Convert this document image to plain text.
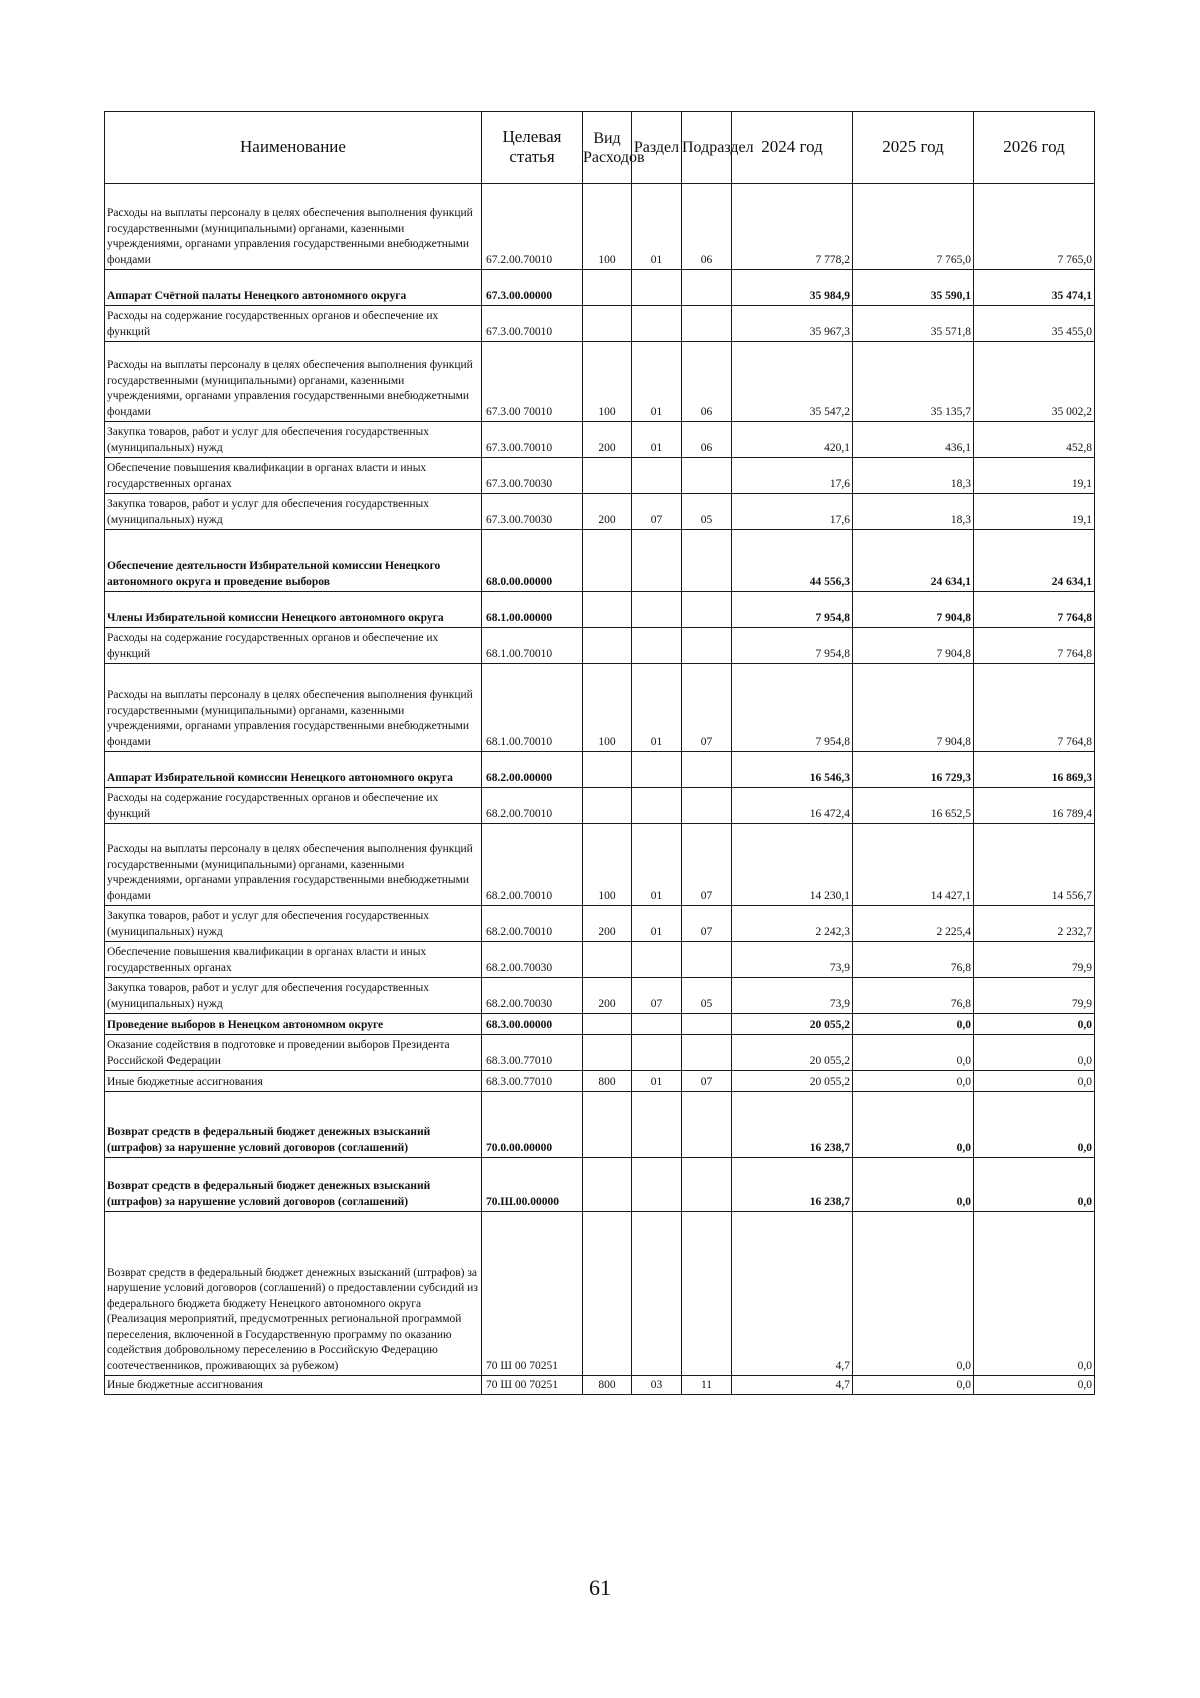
Наименование	Целевая статья	Вид Расходов	Раздел	Подраздел	2024 год	2025 год	2026 год
Расходы на выплаты персоналу в целях обеспечения выполнения функций государственными (муниципальными) органами, казенными учреждениями, органами управления государственными внебюджетными фондами	67.2.00.70010	100	01	06	7 778,2	7 765,0	7 765,0
Аппарат Счётной палаты Ненецкого автономного округа	67.3.00.00000				35 984,9	35 590,1	35 474,1
Расходы на содержание государственных органов и обеспечение их функций	67.3.00.70010				35 967,3	35 571,8	35 455,0
Расходы на выплаты персоналу в целях обеспечения выполнения функций государственными (муниципальными) органами, казенными учреждениями, органами управления государственными внебюджетными фондами	67.3.00 70010	100	01	06	35 547,2	35 135,7	35 002,2
Закупка товаров, работ и услуг для обеспечения государственных (муниципальных) нужд	67.3.00.70010	200	01	06	420,1	436,1	452,8
Обеспечение повышения квалификации в органах власти и иных государственных органах	67.3.00.70030				17,6	18,3	19,1
Закупка товаров, работ и услуг для обеспечения государственных (муниципальных) нужд	67.3.00.70030	200	07	05	17,6	18,3	19,1
Обеспечение деятельности Избирательной комиссии Ненецкого автономного округа и проведение выборов	68.0.00.00000				44 556,3	24 634,1	24 634,1
Члены Избирательной комиссии Ненецкого автономного округа	68.1.00.00000				7 954,8	7 904,8	7 764,8
Расходы на содержание государственных органов и обеспечение их функций	68.1.00.70010				7 954,8	7 904,8	7 764,8
Расходы на выплаты персоналу в целях обеспечения выполнения функций государственными (муниципальными) органами, казенными учреждениями, органами управления государственными внебюджетными фондами	68.1.00.70010	100	01	07	7 954,8	7 904,8	7 764,8
Аппарат Избирательной комиссии Ненецкого автономного округа	68.2.00.00000				16 546,3	16 729,3	16 869,3
Расходы на содержание государственных органов и обеспечение их функций	68.2.00.70010				16 472,4	16 652,5	16 789,4
Расходы на выплаты персоналу в целях обеспечения выполнения функций государственными (муниципальными) органами, казенными учреждениями, органами управления государственными внебюджетными фондами	68.2.00.70010	100	01	07	14 230,1	14 427,1	14 556,7
Закупка товаров, работ и услуг для обеспечения государственных (муниципальных) нужд	68.2.00.70010	200	01	07	2 242,3	2 225,4	2 232,7
Обеспечение повышения квалификации в органах власти и иных государственных органах	68.2.00.70030				73,9	76,8	79,9
Закупка товаров, работ и услуг для обеспечения государственных (муниципальных) нужд	68.2.00.70030	200	07	05	73,9	76,8	79,9
Проведение выборов в Ненецком автономном округе	68.3.00.00000				20 055,2	0,0	0,0
Оказание содействия в подготовке и проведении выборов Президента Российской Федерации	68.3.00.77010				20 055,2	0,0	0,0
Иные бюджетные ассигнования	68.3.00.77010	800	01	07	20 055,2	0,0	0,0
Возврат средств в федеральный бюджет денежных взысканий (штрафов) за нарушение условий договоров (соглашений)	70.0.00.00000				16 238,7	0,0	0,0
Возврат средств в федеральный бюджет денежных взысканий (штрафов) за нарушение условий договоров (соглашений)	70.Ш.00.00000				16 238,7	0,0	0,0
Возврат средств в федеральный бюджет денежных взысканий (штрафов) за нарушение условий договоров (соглашений) о предоставлении субсидий из федерального бюджета бюджету Ненецкого автономного округа (Реализация мероприятий, предусмотренных региональной программой переселения, включенной в Государственную программу по оказанию содействия добровольному переселению в Российскую Федерацию соотечественников, проживающих за рубежом)	70 Ш 00 70251				4,7	0,0	0,0
Иные бюджетные ассигнования	70 Ш 00 70251	800	03	11	4,7	0,0	0,0
61
